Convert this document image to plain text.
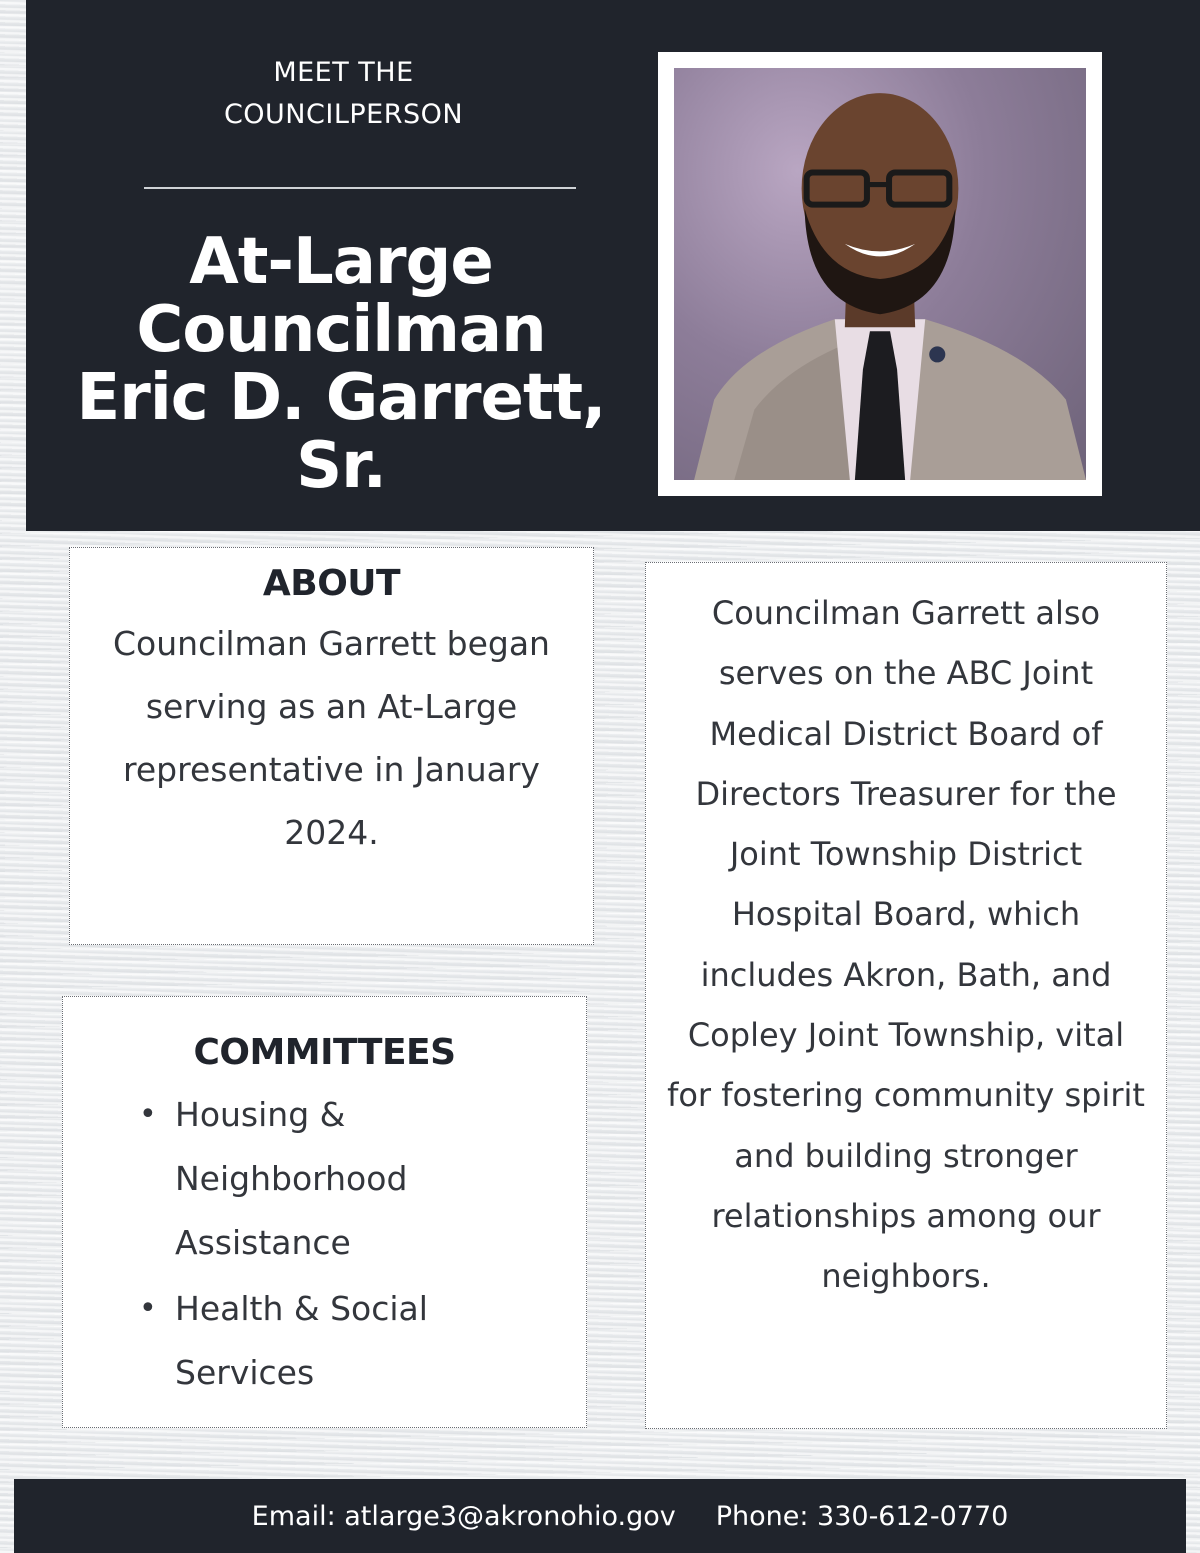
MEET THE
COUNCILPERSON
At-Large
Councilman
Eric D. Garrett,
Sr.
ABOUT

Councilman Garrett began serving as an At-Large representative in January 2024.

COMMITTEES
• Housing & Neighborhood Assistance
• Health & Social Services

Councilman Garrett also serves on the ABC Joint Medical District Board of Directors Treasurer for the Joint Township District Hospital Board, which includes Akron, Bath, and Copley Joint Township, vital for fostering community spirit and building stronger relationships among our neighbors.

Email: atlarge3@akronohio.gov Phone: 330-612-0770
